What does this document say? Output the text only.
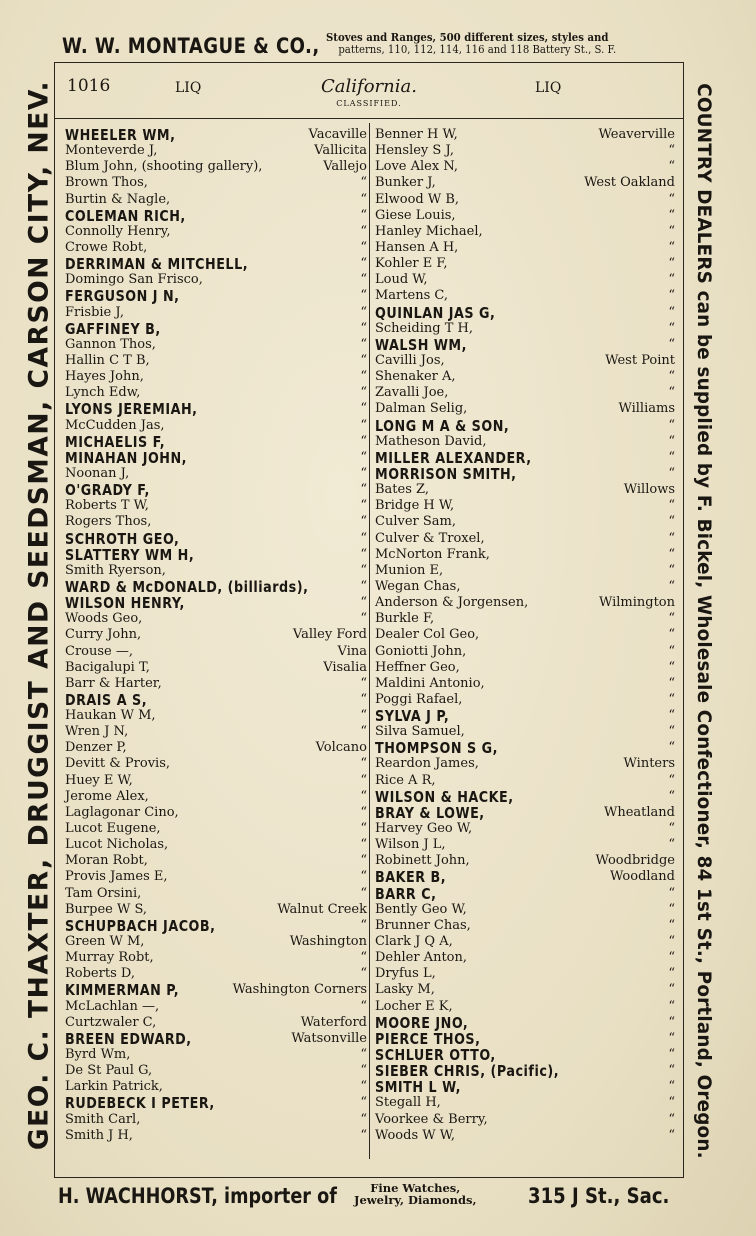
W. W. MONTAGUE & CO., Stoves and Ranges, 500 different sizes, styles and
patterns, 110, 112, 114, 116 and 118 Battery St., S. F.
GEO. C. THAXTER, DRUGGIST AND SEEDSMAN, CARSON CITY, NEV.	COUNTRY DEALERS can be supplied by F. Bickel, Wholesale Confectioner, 84 1st St., Portland, Oregon.
1016	LIQ	California.
CLASSIFIED.
LIQ
WHEELER WM,	Vacaville
Monteverde J,	Vallicita
Blum John, (shooting gallery),	Vallejo
Brown Thos,	“
Burtin & Nagle,	“
COLEMAN RICH,	“
Connolly Henry,	“
Crowe Robt,	“
DERRIMAN & MITCHELL,	“
Domingo San Frisco,	“
FERGUSON J N,	“
Frisbie J,	“
GAFFINEY B,	“
Gannon Thos,	“
Hallin C T B,	“
Hayes John,	“
Lynch Edw,	“
LYONS JEREMIAH,	“
McCudden Jas,	“
MICHAELIS F,	“
MINAHAN JOHN,	“
Noonan J,	“
O'GRADY F,	“
Roberts T W,	“
Rogers Thos,	“
SCHROTH GEO,	“
SLATTERY WM H,	“
Smith Ryerson,	“
WARD & McDONALD, (billiards),	“
WILSON HENRY,	“
Woods Geo,	“
Curry John,	Valley Ford
Crouse —,	Vina
Bacigalupi T,	Visalia
Barr & Harter,	“
DRAIS A S,	“
Haukan W M,	“
Wren J N,	“
Denzer P,	Volcano
Devitt & Provis,	“
Huey E W,	“
Jerome Alex,	“
Laglagonar Cino,	“
Lucot Eugene,	“
Lucot Nicholas,	“
Moran Robt,	“
Provis James E,	“
Tam Orsini,	“
Burpee W S,	Walnut Creek
SCHUPBACH JACOB,	“
Green W M,	Washington
Murray Robt,	“
Roberts D,	“
KIMMERMAN P,	Washington Corners
McLachlan —,	“
Curtzwaler C,	Waterford
BREEN EDWARD,	Watsonville
Byrd Wm,	“
De St Paul G,	“
Larkin Patrick,	“
RUDEBECK I PETER,	“
Smith Carl,	“
Smith J H,	“
Benner H W,	Weaverville
Hensley S J,	“
Love Alex N,	“
Bunker J,	West Oakland
Elwood W B,	“
Giese Louis,	“
Hanley Michael,	“
Hansen A H,	“
Kohler E F,	“
Loud W,	“
Martens C,	“
QUINLAN JAS G,	“
Scheiding T H,	“
WALSH WM,	“
Cavilli Jos,	West Point
Shenaker A,	“
Zavalli Joe,	“
Dalman Selig,	Williams
LONG M A & SON,	“
Matheson David,	“
MILLER ALEXANDER,	“
MORRISON SMITH,	“
Bates Z,	Willows
Bridge H W,	“
Culver Sam,	“
Culver & Troxel,	“
McNorton Frank,	“
Munion E,	“
Wegan Chas,	“
Anderson & Jorgensen,	Wilmington
Burkle F,	“
Dealer Col Geo,	“
Goniotti John,	“
Heffner Geo,	“
Maldini Antonio,	“
Poggi Rafael,	“
SYLVA J P,	“
Silva Samuel,	“
THOMPSON S G,	“
Reardon James,	Winters
Rice A R,	“
WILSON & HACKE,	“
BRAY & LOWE,	Wheatland
Harvey Geo W,	“
Wilson J L,	“
Robinett John,	Woodbridge
BAKER B,	Woodland
BARR C,	“
Bently Geo W,	“
Brunner Chas,	“
Clark J Q A,	“
Dehler Anton,	“
Dryfus L,	“
Lasky M,	“
Locher E K,	“
MOORE JNO,	“
PIERCE THOS,	“
SCHLUER OTTO,	“
SIEBER CHRIS, (Pacific),	“
SMITH L W,	“
Stegall H,	“
Voorkee & Berry,	“
Woods W W,	“
H. WACHHORST, importer of	Fine Watches,
Jewelry, Diamonds, 315 J St., Sac.
